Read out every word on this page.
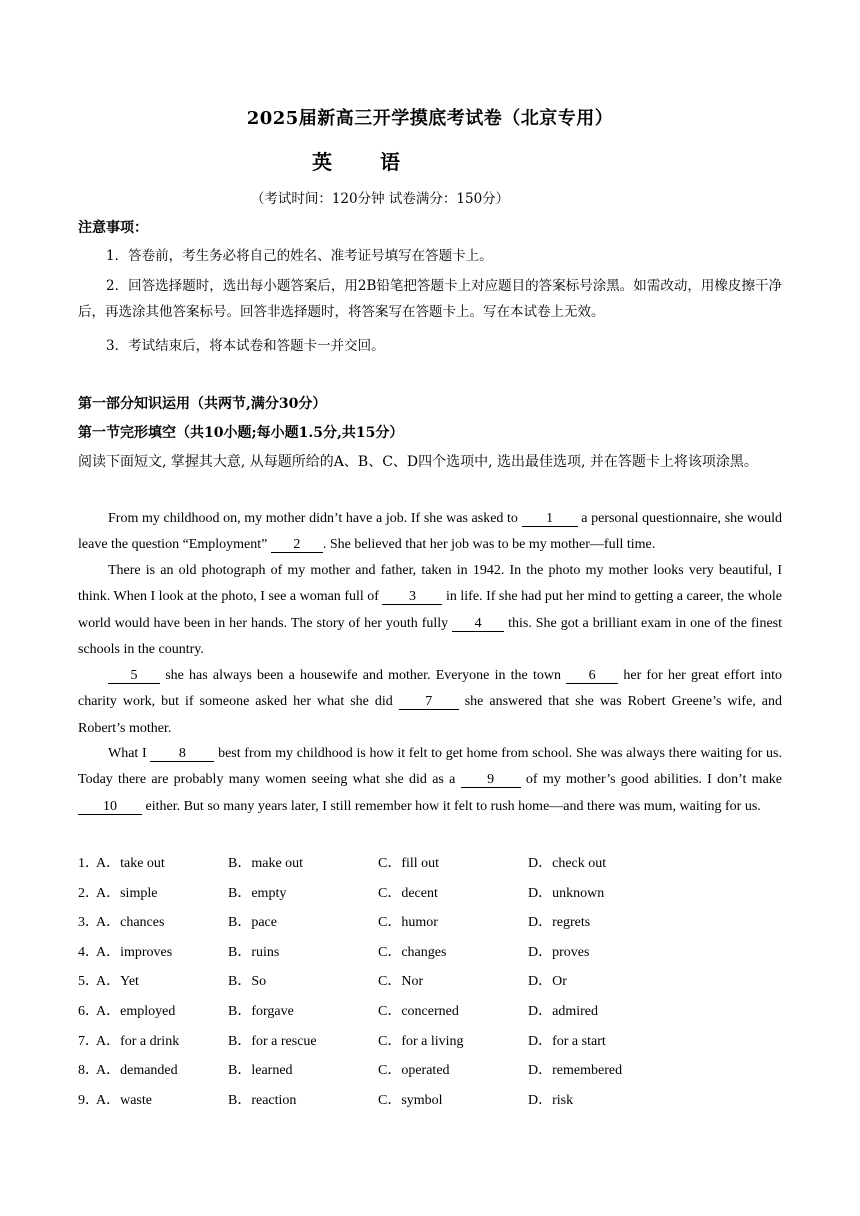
2025届新高三开学摸底考试卷（北京专用）
英语
（考试时间：120分钟 试卷满分：150分）
注意事项：
1．答卷前，考生务必将自己的姓名、准考证号填写在答题卡上。
2．回答选择题时，选出每小题答案后，用2B铅笔把答题卡上对应题目的答案标号涂黑。如需改动，用橡皮擦干净后，再选涂其他答案标号。回答非选择题时，将答案写在答题卡上。写在本试卷上无效。
3．考试结束后，将本试卷和答题卡一并交回。
第一部分知识运用（共两节,满分30分）
第一节完形填空（共10小题;每小题1.5分,共15分）
阅读下面短文, 掌握其大意, 从每题所给的A、B、C、D四个选项中, 选出最佳选项, 并在答题卡上将该项涂黑。
From my childhood on, my mother didn’t have a job. If she was asked to 1 a personal questionnaire, she would leave the question “Employment” 2 . She believed that her job was to be my mother—full time.
There is an old photograph of my mother and father, taken in 1942. In the photo my mother looks very beautiful, I think. When I look at the photo, I see a woman full of 3 in life. If she had put her mind to getting a career, the whole world would have been in her hands. The story of her youth fully 4 this. She got a brilliant exam in one of the finest schools in the country.
5 she has always been a housewife and mother. Everyone in the town 6 her for her great effort into charity work, but if someone asked her what she did 7 she answered that she was Robert Greene’s wife, and Robert’s mother.
What I 8 best from my childhood is how it felt to get home from school. She was always there waiting for us. Today there are probably many women seeing what she did as a 9 of my mother’s good abilities. I don’t make 10 either. But so many years later, I still remember how it felt to rush home—and there was mum, waiting for us.
1．
A．take out	B．make out	C．fill out	D．check out
2．
A．simple	B．empty	C．decent	D．unknown
3．
A．chances	B．pace	C．humor	D．regrets
4．
A．improves	B．ruins	C．changes	D．proves
5．
A．Yet	B．So	C．Nor	D．Or
6．
A．employed	B．forgave	C．concerned	D．admired
7．
A．for a drink	B．for a rescue	C．for a living	D．for a start
8．
A．demanded	B．learned	C．operated	D．remembered
9．
A．waste	B．reaction	C．symbol	D．risk
